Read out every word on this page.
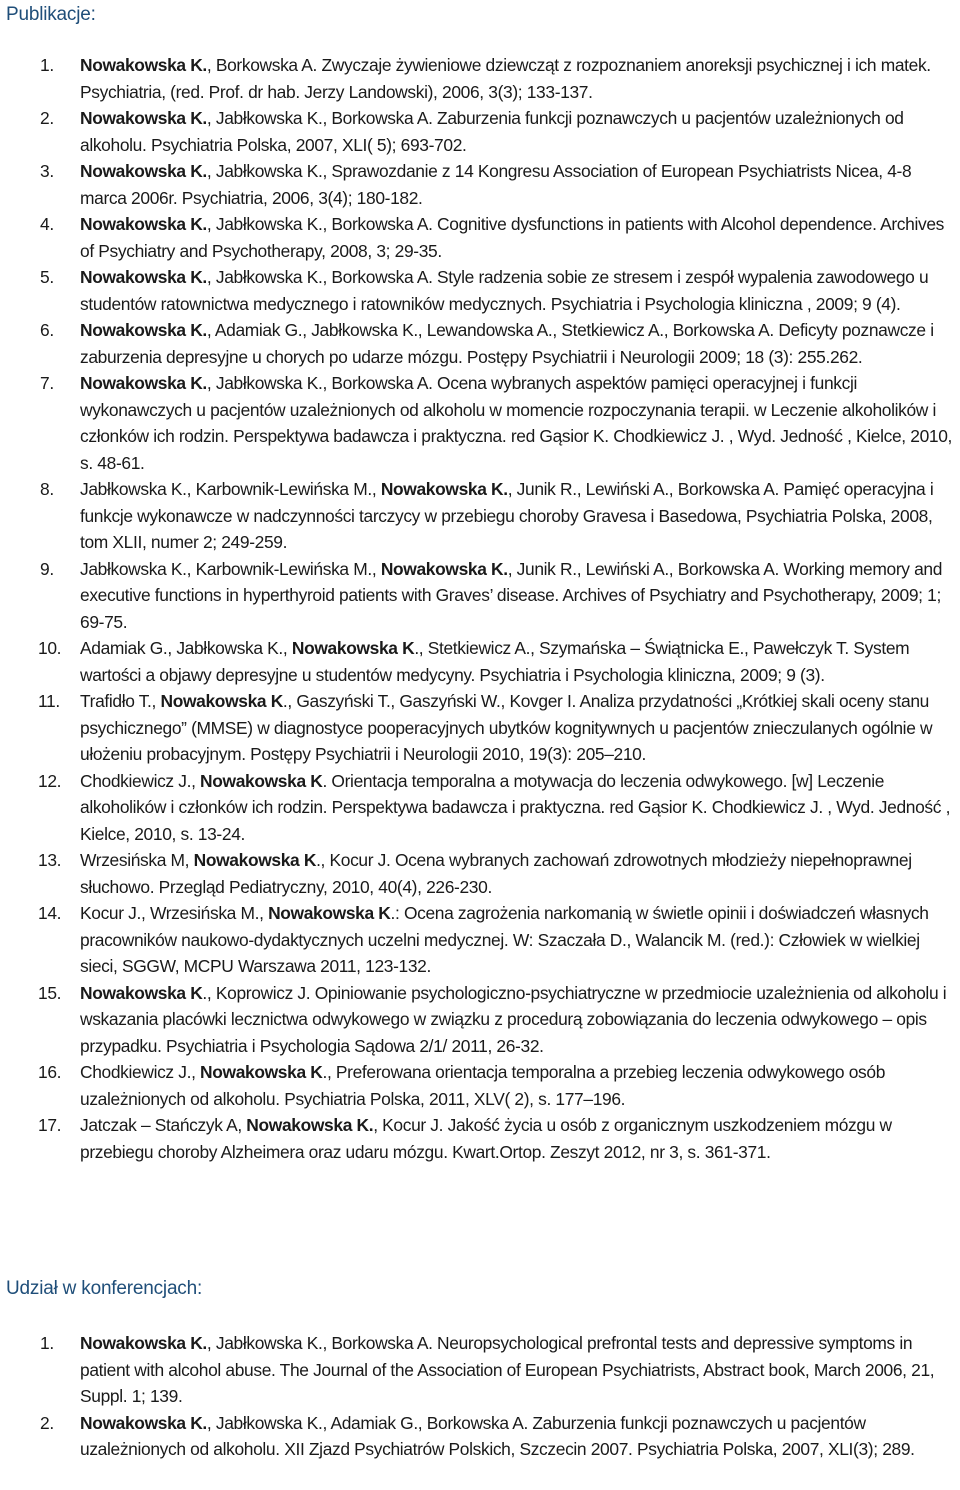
Publikacje:
1.	Nowakowska K., Borkowska A. Zwyczaje żywieniowe dziewcząt z rozpoznaniem anoreksji psychicznej i ich matek. Psychiatria, (red. Prof. dr hab. Jerzy Landowski), 2006, 3(3); 133-137.
2.	Nowakowska K., Jabłkowska K., Borkowska A. Zaburzenia funkcji poznawczych u pacjentów uzależnionych od alkoholu. Psychiatria Polska, 2007, XLI( 5); 693-702.
3.	Nowakowska K., Jabłkowska K., Sprawozdanie z 14 Kongresu Association of European Psychiatrists Nicea, 4-8 marca 2006r. Psychiatria, 2006, 3(4); 180-182.
4.	Nowakowska K., Jabłkowska K., Borkowska A. Cognitive dysfunctions in patients with Alcohol dependence. Archives of Psychiatry and Psychotherapy, 2008, 3; 29-35.
5.	Nowakowska K., Jabłkowska K., Borkowska A. Style radzenia sobie ze stresem i zespół wypalenia zawodowego u studentów ratownictwa medycznego i ratowników medycznych. Psychiatria i Psychologia kliniczna , 2009; 9 (4).
6.	Nowakowska K., Adamiak G., Jabłkowska K., Lewandowska A., Stetkiewicz A., Borkowska A. Deficyty poznawcze i zaburzenia depresyjne u chorych po udarze mózgu. Postępy Psychiatrii i Neurologii 2009; 18 (3): 255.262.
7.	Nowakowska K., Jabłkowska K., Borkowska A. Ocena wybranych aspektów pamięci operacyjnej i funkcji wykonawczych u pacjentów uzależnionych od alkoholu w momencie rozpoczynania terapii. w Leczenie alkoholików i członków ich rodzin. Perspektywa badawcza i praktyczna. red Gąsior K. Chodkiewicz J. , Wyd. Jedność , Kielce, 2010, s. 48-61.
8.	Jabłkowska K., Karbownik-Lewińska M., Nowakowska K., Junik R., Lewiński A., Borkowska A. Pamięć operacyjna i funkcje wykonawcze w nadczynności tarczycy w przebiegu choroby Gravesa i Basedowa, Psychiatria Polska, 2008, tom XLII, numer 2; 249-259.
9.	Jabłkowska K., Karbownik-Lewińska M., Nowakowska K., Junik R., Lewiński A., Borkowska A. Working memory and executive functions in hyperthyroid patients with Graves’ disease. Archives of Psychiatry and Psychotherapy, 2009; 1; 69-75.
10.	Adamiak G., Jabłkowska K., Nowakowska K., Stetkiewicz A., Szymańska – Świątnicka E., Pawełczyk T. System wartości a objawy depresyjne u studentów medycyny. Psychiatria i Psychologia kliniczna, 2009; 9 (3).
11.	Trafidło T., Nowakowska K., Gaszyński T., Gaszyński W., Kovger I. Analiza przydatności „Krótkiej skali oceny stanu psychicznego” (MMSE) w diagnostyce pooperacyjnych ubytków kognitywnych u pacjentów znieczulanych ogólnie w ułożeniu probacyjnym. Postępy Psychiatrii i Neurologii 2010, 19(3): 205–210.
12.	Chodkiewicz J., Nowakowska K. Orientacja temporalna a motywacja do leczenia odwykowego. [w] Leczenie alkoholików i członków ich rodzin. Perspektywa badawcza i praktyczna. red Gąsior K. Chodkiewicz J. , Wyd. Jedność , Kielce, 2010, s. 13-24.
13.	Wrzesińska M, Nowakowska K., Kocur J. Ocena wybranych zachowań zdrowotnych młodzieży niepełnoprawnej słuchowo. Przegląd Pediatryczny, 2010, 40(4), 226-230.
14.	Kocur J., Wrzesińska M., Nowakowska K.: Ocena zagrożenia narkomanią w świetle opinii i doświadczeń własnych pracowników naukowo-dydaktycznych uczelni medycznej. W: Szaczała D., Walancik M. (red.): Człowiek w wielkiej sieci, SGGW, MCPU Warszawa 2011, 123-132.
15.	Nowakowska K., Koprowicz J. Opiniowanie psychologiczno-psychiatryczne w przedmiocie uzależnienia od alkoholu i wskazania placówki lecznictwa odwykowego w związku z procedurą zobowiązania do leczenia odwykowego – opis przypadku. Psychiatria i Psychologia Sądowa 2/1/ 2011, 26-32.
16.	Chodkiewicz J., Nowakowska K., Preferowana orientacja temporalna a przebieg leczenia odwykowego osób uzależnionych od alkoholu. Psychiatria Polska, 2011, XLV( 2), s. 177–196.
17.	Jatczak – Stańczyk A, Nowakowska K., Kocur J. Jakość życia u osób z organicznym uszkodzeniem mózgu w przebiegu choroby Alzheimera oraz udaru mózgu. Kwart.Ortop. Zeszyt 2012, nr 3, s. 361-371.
Udział w konferencjach:
1.	Nowakowska K., Jabłkowska K., Borkowska A. Neuropsychological prefrontal tests and depressive symptoms in patient with alcohol abuse. The Journal of the Association of European Psychiatrists, Abstract book, March 2006, 21, Suppl. 1; 139.
2.	Nowakowska K., Jabłkowska K., Adamiak G., Borkowska A. Zaburzenia funkcji poznawczych u pacjentów uzależnionych od alkoholu. XII Zjazd Psychiatrów Polskich, Szczecin 2007. Psychiatria Polska, 2007, XLI(3); 289.
